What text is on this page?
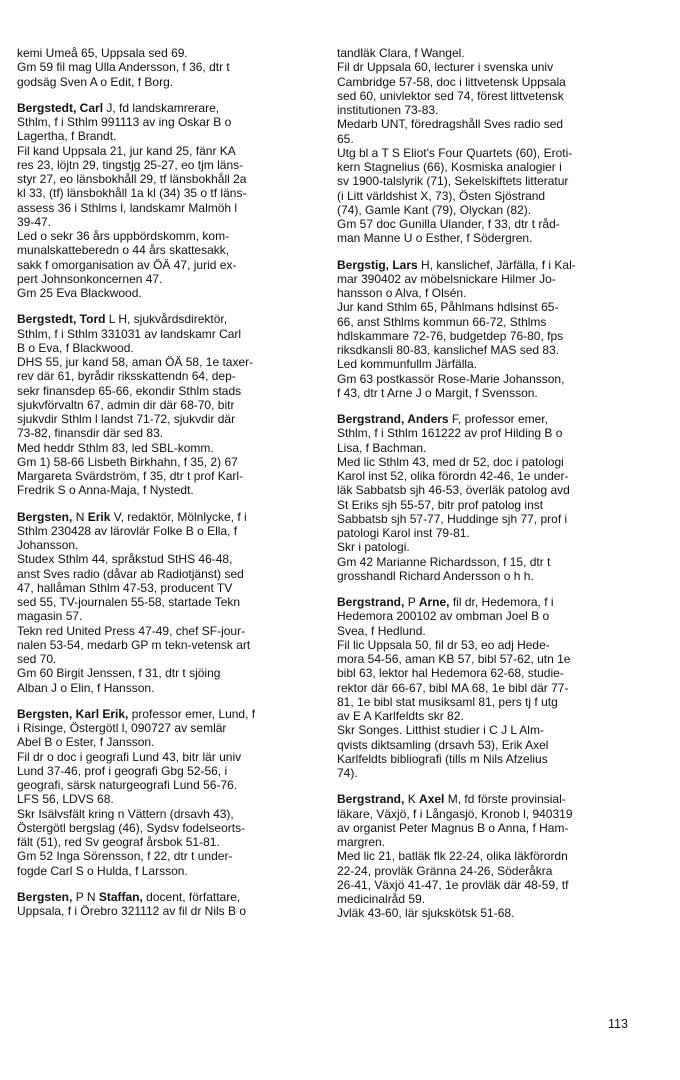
kemi Umeå 65, Uppsala sed 69.
Gm 59 fil mag Ulla Andersson, f 36, dtr t
godsäg Sven A o Edit, f Borg.
Bergstedt, Carl J, fd landskamrerare,
Sthlm, f i Sthlm 991113 av ing Oskar B o
Lagertha, f Brandt.
Fil kand Uppsala 21, jur kand 25, fänr KA
res 23, löjtn 29, tingstjg 25-27, eo tjm läns-
styr 27, eo länsbokhåll 29, tf länsbokhåll 2a
kl 33, (tf) länsbokhåll 1a kl (34) 35 o tf läns-
assess 36 i Sthlms l, landskamr Malmöh l
39-47.
Led o sekr 36 års uppbördskomm, kom-
munalskatteberedn o 44 års skattesakk,
sakk f omorganisation av ÖÄ 47, jurid ex-
pert Johnsonkoncernen 47.
Gm 25 Eva Blackwood.
Bergstedt, Tord L H, sjukvårdsdirektör,
Sthlm, f i Sthlm 331031 av landskamr Carl
B o Eva, f Blackwood.
DHS 55, jur kand 58, aman ÖÄ 58, 1e taxer-
rev där 61, byrådir riksskattendn 64, dep-
sekr finansdep 65-66, ekondir Sthlm stads
sjukvförvaltn 67, admin dir där 68-70, bitr
sjukvdir Sthlm l landst 71-72, sjukvdir där
73-82, finansdir där sed 83.
Med heddr Sthlm 83, led SBL-komm.
Gm 1) 58-66 Lisbeth Birkhahn, f 35, 2) 67
Margareta Svärdström, f 35, dtr t prof Karl-
Fredrik S o Anna-Maja, f Nystedt.
Bergsten, N Erik V, redaktör, Mölnlycke, f i
Sthlm 230428 av lärovlär Folke B o Ella, f
Johansson.
Studex Sthlm 44, språkstud StHS 46-48,
anst Sves radio (dåvar ab Radiotjänst) sed
47, hallåman Sthlm 47-53, producent TV
sed 55, TV-journalen 55-58, startade Tekn
magasin 57.
Tekn red United Press 47-49, chef SF-jour-
nalen 53-54, medarb GP m tekn-vetensk art
sed 70.
Gm 60 Birgit Jenssen, f 31, dtr t sjöing
Alban J o Elin, f Hansson.
Bergsten, Karl Erik, professor emer, Lund, f
i Risinge, Östergötl l, 090727 av semlär
Abel B o Ester, f Jansson.
Fil dr o doc i geografi Lund 43, bitr lär univ
Lund 37-46, prof i geografi Gbg 52-56, i
geografi, särsk naturgeografi Lund 56-76.
LFS 56, LDVS 68.
Skr Isälvsfält kring n Vättern (drsavh 43),
Östergötl bergslag (46), Sydsv fodelseorts-
fält (51), red Sv geograf årsbok 51-81.
Gm 52 Inga Sörensson, f 22, dtr t under-
fogde Carl S o Hulda, f Larsson.
Bergsten, P N Staffan, docent, författare,
Uppsala, f i Örebro 321112 av fil dr Nils B o
tandläk Clara, f Wangel.
Fil dr Uppsala 60, lecturer i svenska univ
Cambridge 57-58, doc i littvetensk Uppsala
sed 60, univlektor sed 74, förest littvetensk
institutionen 73-83.
Medarb UNT, föredragshåll Sves radio sed
65.
Utg bl a T S Eliot's Four Quartets (60), Eroti-
kern Stagnelius (66), Kosmiska analogier i
sv 1900-talslyrik (71), Sekelskiftets litteratur
(i Litt världshist X, 73), Östen Sjöstrand
(74), Gamle Kant (79), Olyckan (82).
Gm 57 doc Gunilla Ulander, f 33, dtr t råd-
man Manne U o Esther, f Södergren.
Bergstig, Lars H, kanslichef, Järfälla, f i Kal-
mar 390402 av möbelsnickare Hilmer Jo-
hansson o Alva, f Olsén.
Jur kand Sthlm 65, Påhlmans hdlsinst 65-
66, anst Sthlms kommun 66-72, Sthlms
hdlskammare 72-76, budgetdep 76-80, fps
riksdkansli 80-83, kanslichef MAS sed 83.
Led kommunfullm Järfälla.
Gm 63 postkassör Rose-Marie Johansson,
f 43, dtr t Arne J o Margit, f Svensson.
Bergstrand, Anders F, professor emer,
Sthlm, f i Sthlm 161222 av prof Hilding B o
Lisa, f Bachman.
Med lic Sthlm 43, med dr 52, doc i patologi
Karol inst 52, olika förordn 42-46, 1e under-
läk Sabbatsb sjh 46-53, överläk patolog avd
St Eriks sjh 55-57, bitr prof patolog inst
Sabbatsb sjh 57-77, Huddinge sjh 77, prof i
patologi Karol inst 79-81.
Skr i patologi.
Gm 42 Marianne Richardsson, f 15, dtr t
grosshandl Richard Andersson o h h.
Bergstrand, P Arne, fil dr, Hedemora, f i
Hedemora 200102 av ombman Joel B o
Svea, f Hedlund.
Fil lic Uppsala 50, fil dr 53, eo adj Hede-
mora 54-56, aman KB 57, bibl 57-62, utn 1e
bibl 63, lektor hal Hedemora 62-68, studie-
rektor där 66-67, bibl MA 68, 1e bibl där 77-
81, 1e bibl stat musiksaml 81, pers tj f utg
av E A Karlfeldts skr 82.
Skr Songes. Litthist studier i C J L Alm-
qvists diktsamling (drsavh 53), Erik Axel
Karlfeldts bibliografi (tills m Nils Afzelius
74).
Bergstrand, K Axel M, fd förste provinsial-
läkare, Växjö, f i Långasjö, Kronob l, 940319
av organist Peter Magnus B o Anna, f Ham-
margren.
Med lic 21, batläk flk 22-24, olika läkförordn
22-24, provläk Gränna 24-26, Söderåkra
26-41, Växjö 41-47, 1e provläk där 48-59, tf
medicinalråd 59.
Jvläk 43-60, lär sjukskötsk 51-68.
113
